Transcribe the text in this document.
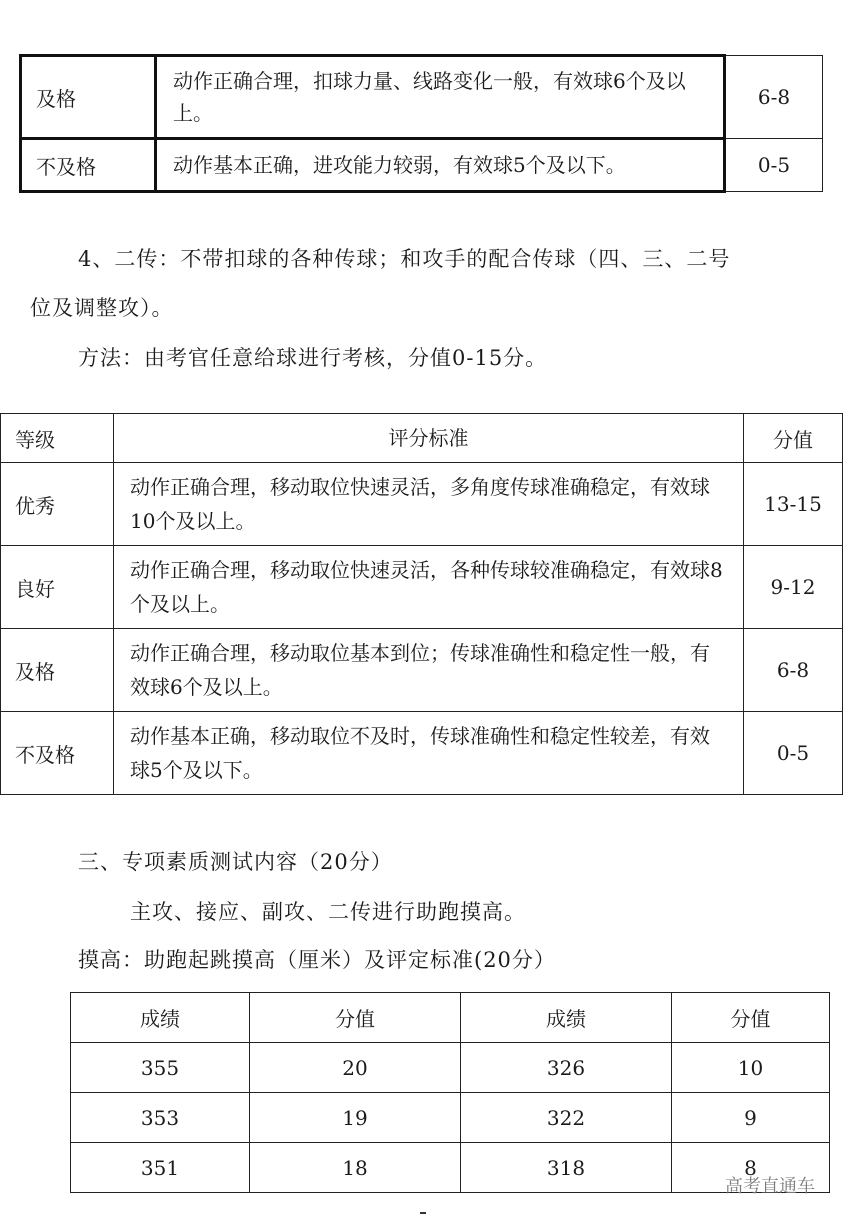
及格	动作正确合理，扣球力量、线路变化一般，有效球6个及以上。	6-8
不及格	动作基本正确，进攻能力较弱，有效球5个及以下。	0-5

4、二传：不带扣球的各种传球；和攻手的配合传球（四、三、二号

位及调整攻）。

方法：由考官任意给球进行考核，分值0-15分。

等级	评分标准	分值
优秀	动作正确合理，移动取位快速灵活，多角度传球准确稳定，有效球10个及以上。	13-15
良好	动作正确合理，移动取位快速灵活，各种传球较准确稳定，有效球8个及以上。	9-12
及格	动作正确合理，移动取位基本到位；传球准确性和稳定性一般，有效球6个及以上。	6-8
不及格	动作基本正确，移动取位不及时，传球准确性和稳定性较差，有效球5个及以下。	0-5

三、专项素质测试内容（20分）

主攻、接应、副攻、二传进行助跑摸高。

摸高：助跑起跳摸高（厘米）及评定标准(20分）

成绩	分值	成绩	分值
355	20	326	10
353	19	322	9
351	18	318	8
高考直通车
